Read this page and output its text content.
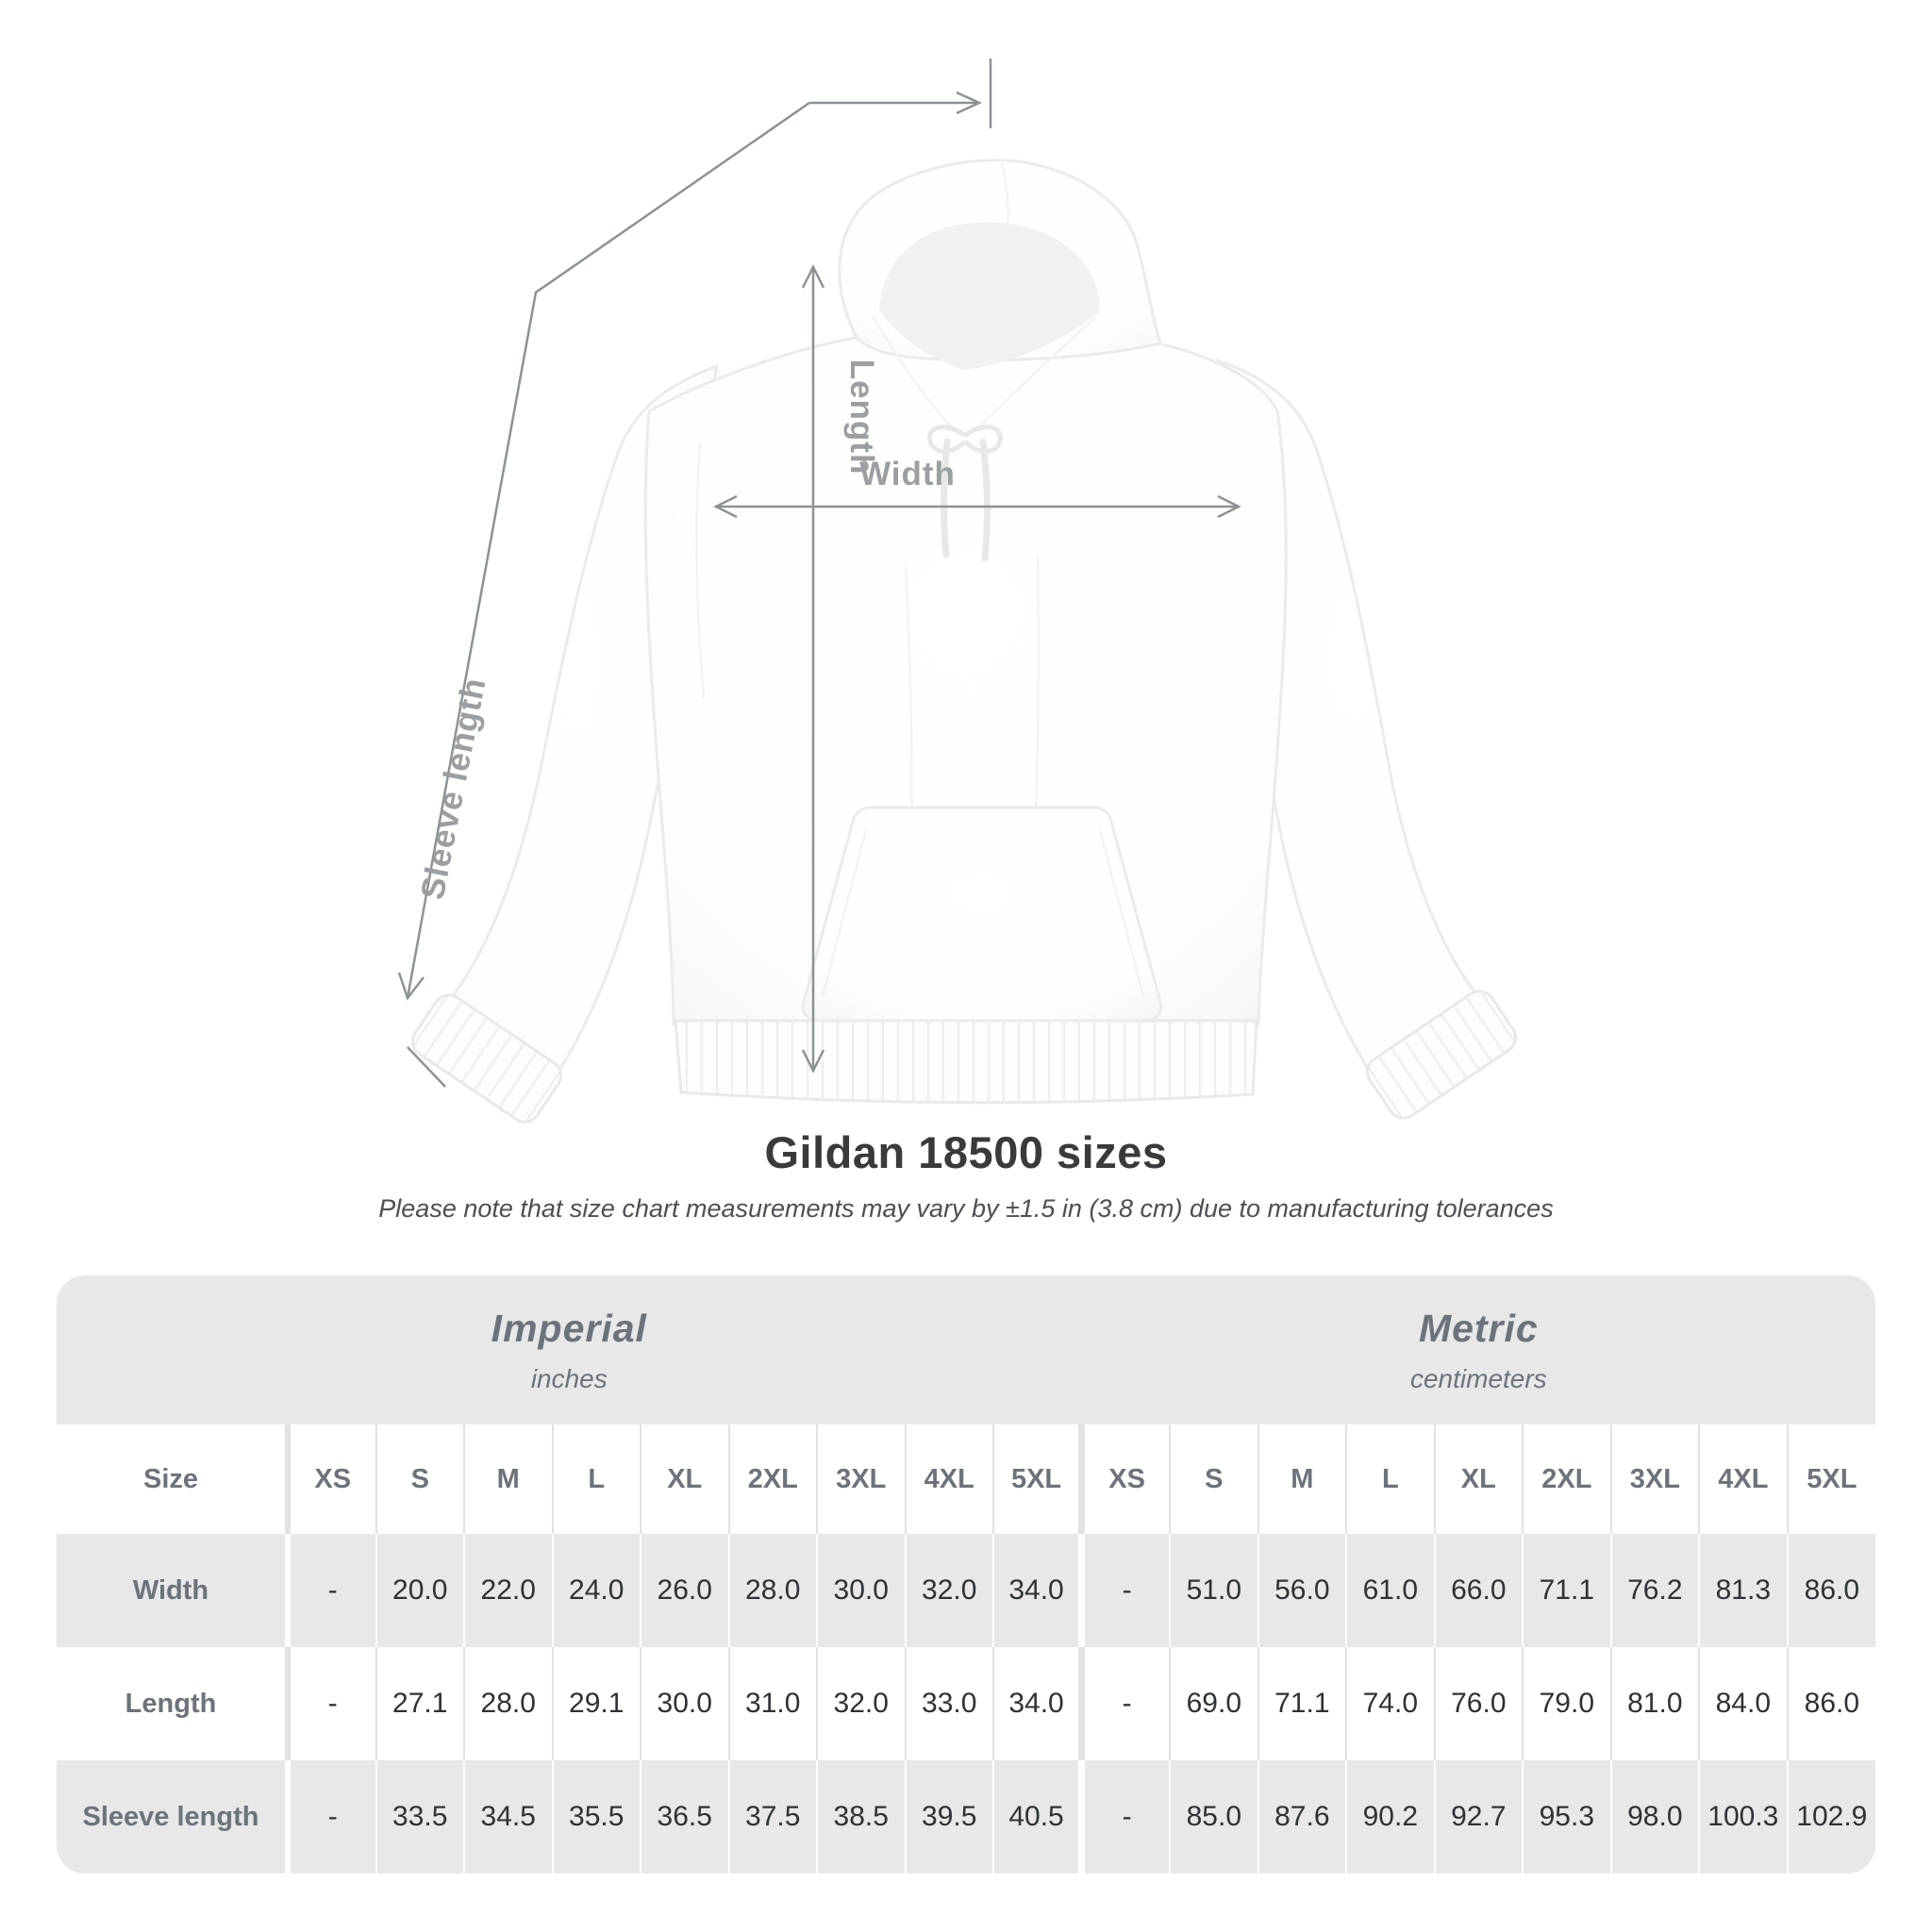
Length
Width
Sleeve length
Gildan 18500 sizes
Please note that size chart measurements may vary by ±1.5 in (3.8 cm) due to manufacturing tolerances
Imperial
inches

Metric
centimeters

Size	XS	S	M	L	XL	2XL	3XL	4XL	5XL	XS	S	M	L	XL	2XL	3XL	4XL	5XL
Width	-	20.0	22.0	24.0	26.0	28.0	30.0	32.0	34.0	-	51.0	56.0	61.0	66.0	71.1	76.2	81.3	86.0
Length	-	27.1	28.0	29.1	30.0	31.0	32.0	33.0	34.0	-	69.0	71.1	74.0	76.0	79.0	81.0	84.0	86.0
Sleeve length	-	33.5	34.5	35.5	36.5	37.5	38.5	39.5	40.5	-	85.0	87.6	90.2	92.7	95.3	98.0	100.3	102.9
